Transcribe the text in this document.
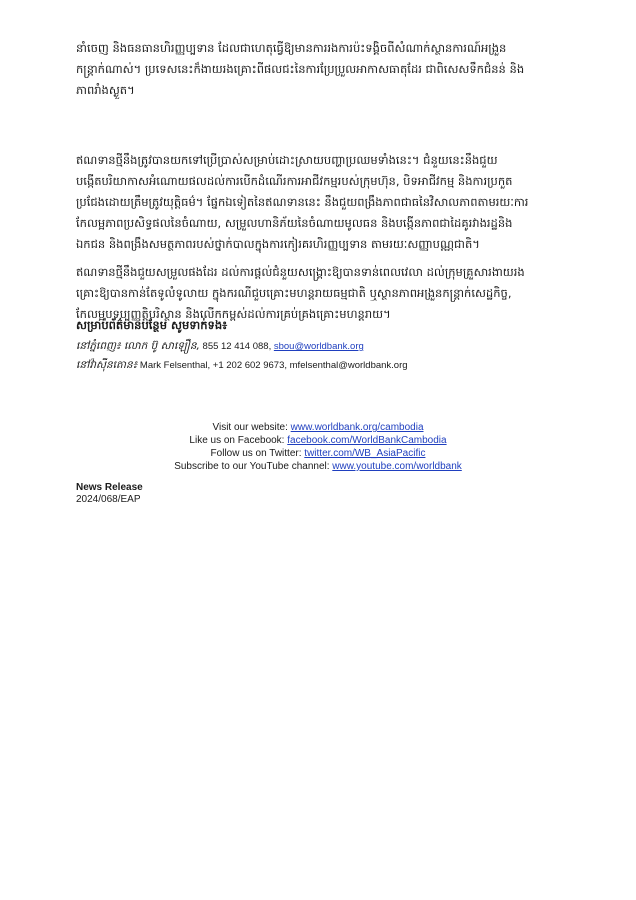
នាំចេញ និងធនធានហិរញ្ញប្បទាន ដែលជាហេតុធ្វើឱ្យមានការរងការប៉ះទង្គិចពីសំណាក់ស្ថានការណ៍អង្រួន
កន្ត្រាក់ណាស់។ ប្រទេសនេះក៏ងាយរងគ្រោះពីផលជះនៃការប្រែប្រួលអាកាសធាតុដែរ ជាពិសេសទឹកជំនន់ និង
ភាពរាំងស្ងួត។
ឥណទានថ្មីនឹងត្រូវបានយកទៅប្រើប្រាស់សម្រាប់ដោះស្រាយបញ្ហាប្រឈមទាំងនេះ។ ជំនួយនេះនឹងជួយ
បង្កើតបរិយាកាសអំណោយផលដល់ការបើកដំណើរការអាជីវកម្មរបស់ក្រុមហ៊ុន, បិទអាជីវកម្ម និងការប្រកួត
ប្រជែងដោយត្រឹមត្រូវយុត្តិធម៌។ ផ្នែកឯទៀតនៃឥណទាននេះ នឹងជួយពង្រឹងភាពជាធនៃវិសាលភាពតាមរយៈការ
កែលម្អភាពប្រសិទ្ធផលនៃចំណាយ, សម្រួលហានិភ័យនៃចំណាយមូលធន និងបង្កើនភាពជាដៃគូរវាងរដ្ឋនិង
ឯកជន និងពង្រឹងសមត្ថភាពរបស់ថ្នាក់បាលក្នុងការកៀរគរហិរញ្ញប្បទាន តាមរយៈសញ្ញាបណ្ណជាតិ។
ឥណទានថ្មីនឹងជួយសម្រួលផងដែរ ដល់ការផ្ដល់ជំនួយសង្គ្រោះឱ្យបានទាន់ពេលវេលា ដល់ក្រុមគ្រួសារងាយរង
គ្រោះឱ្យបានកាន់តែទូលំទូលាយ ក្នុងករណីជួបគ្រោះមហន្តរាយធម្មជាតិ ឬស្ថានភាពអង្រួនកន្ត្រាក់សេដ្ឋកិច្ច,
កែលម្អបទប្បញ្ញត្តិបរិស្ថាន និងលើកកម្ពស់ដល់ការគ្រប់គ្រងគ្រោះមហន្តរាយ។
សម្រាប់ព័ត៌មានបន្ថែម សូមទាក់ទង៖
នៅភ្នំពេញ៖ លោក ប៊ូ សាឡឿន, 855 12 414 088, sbou@worldbank.org
នៅវ៉ាស៊ីនតោន៖ Mark Felsenthal, +1 202 602 9673, mfelsenthal@worldbank.org
Visit our website: www.worldbank.org/cambodia
Like us on Facebook: facebook.com/WorldBankCambodia
Follow us on Twitter: twitter.com/WB_AsiaPacific
Subscribe to our YouTube channel: www.youtube.com/worldbank
News Release
2024/068/EAP
